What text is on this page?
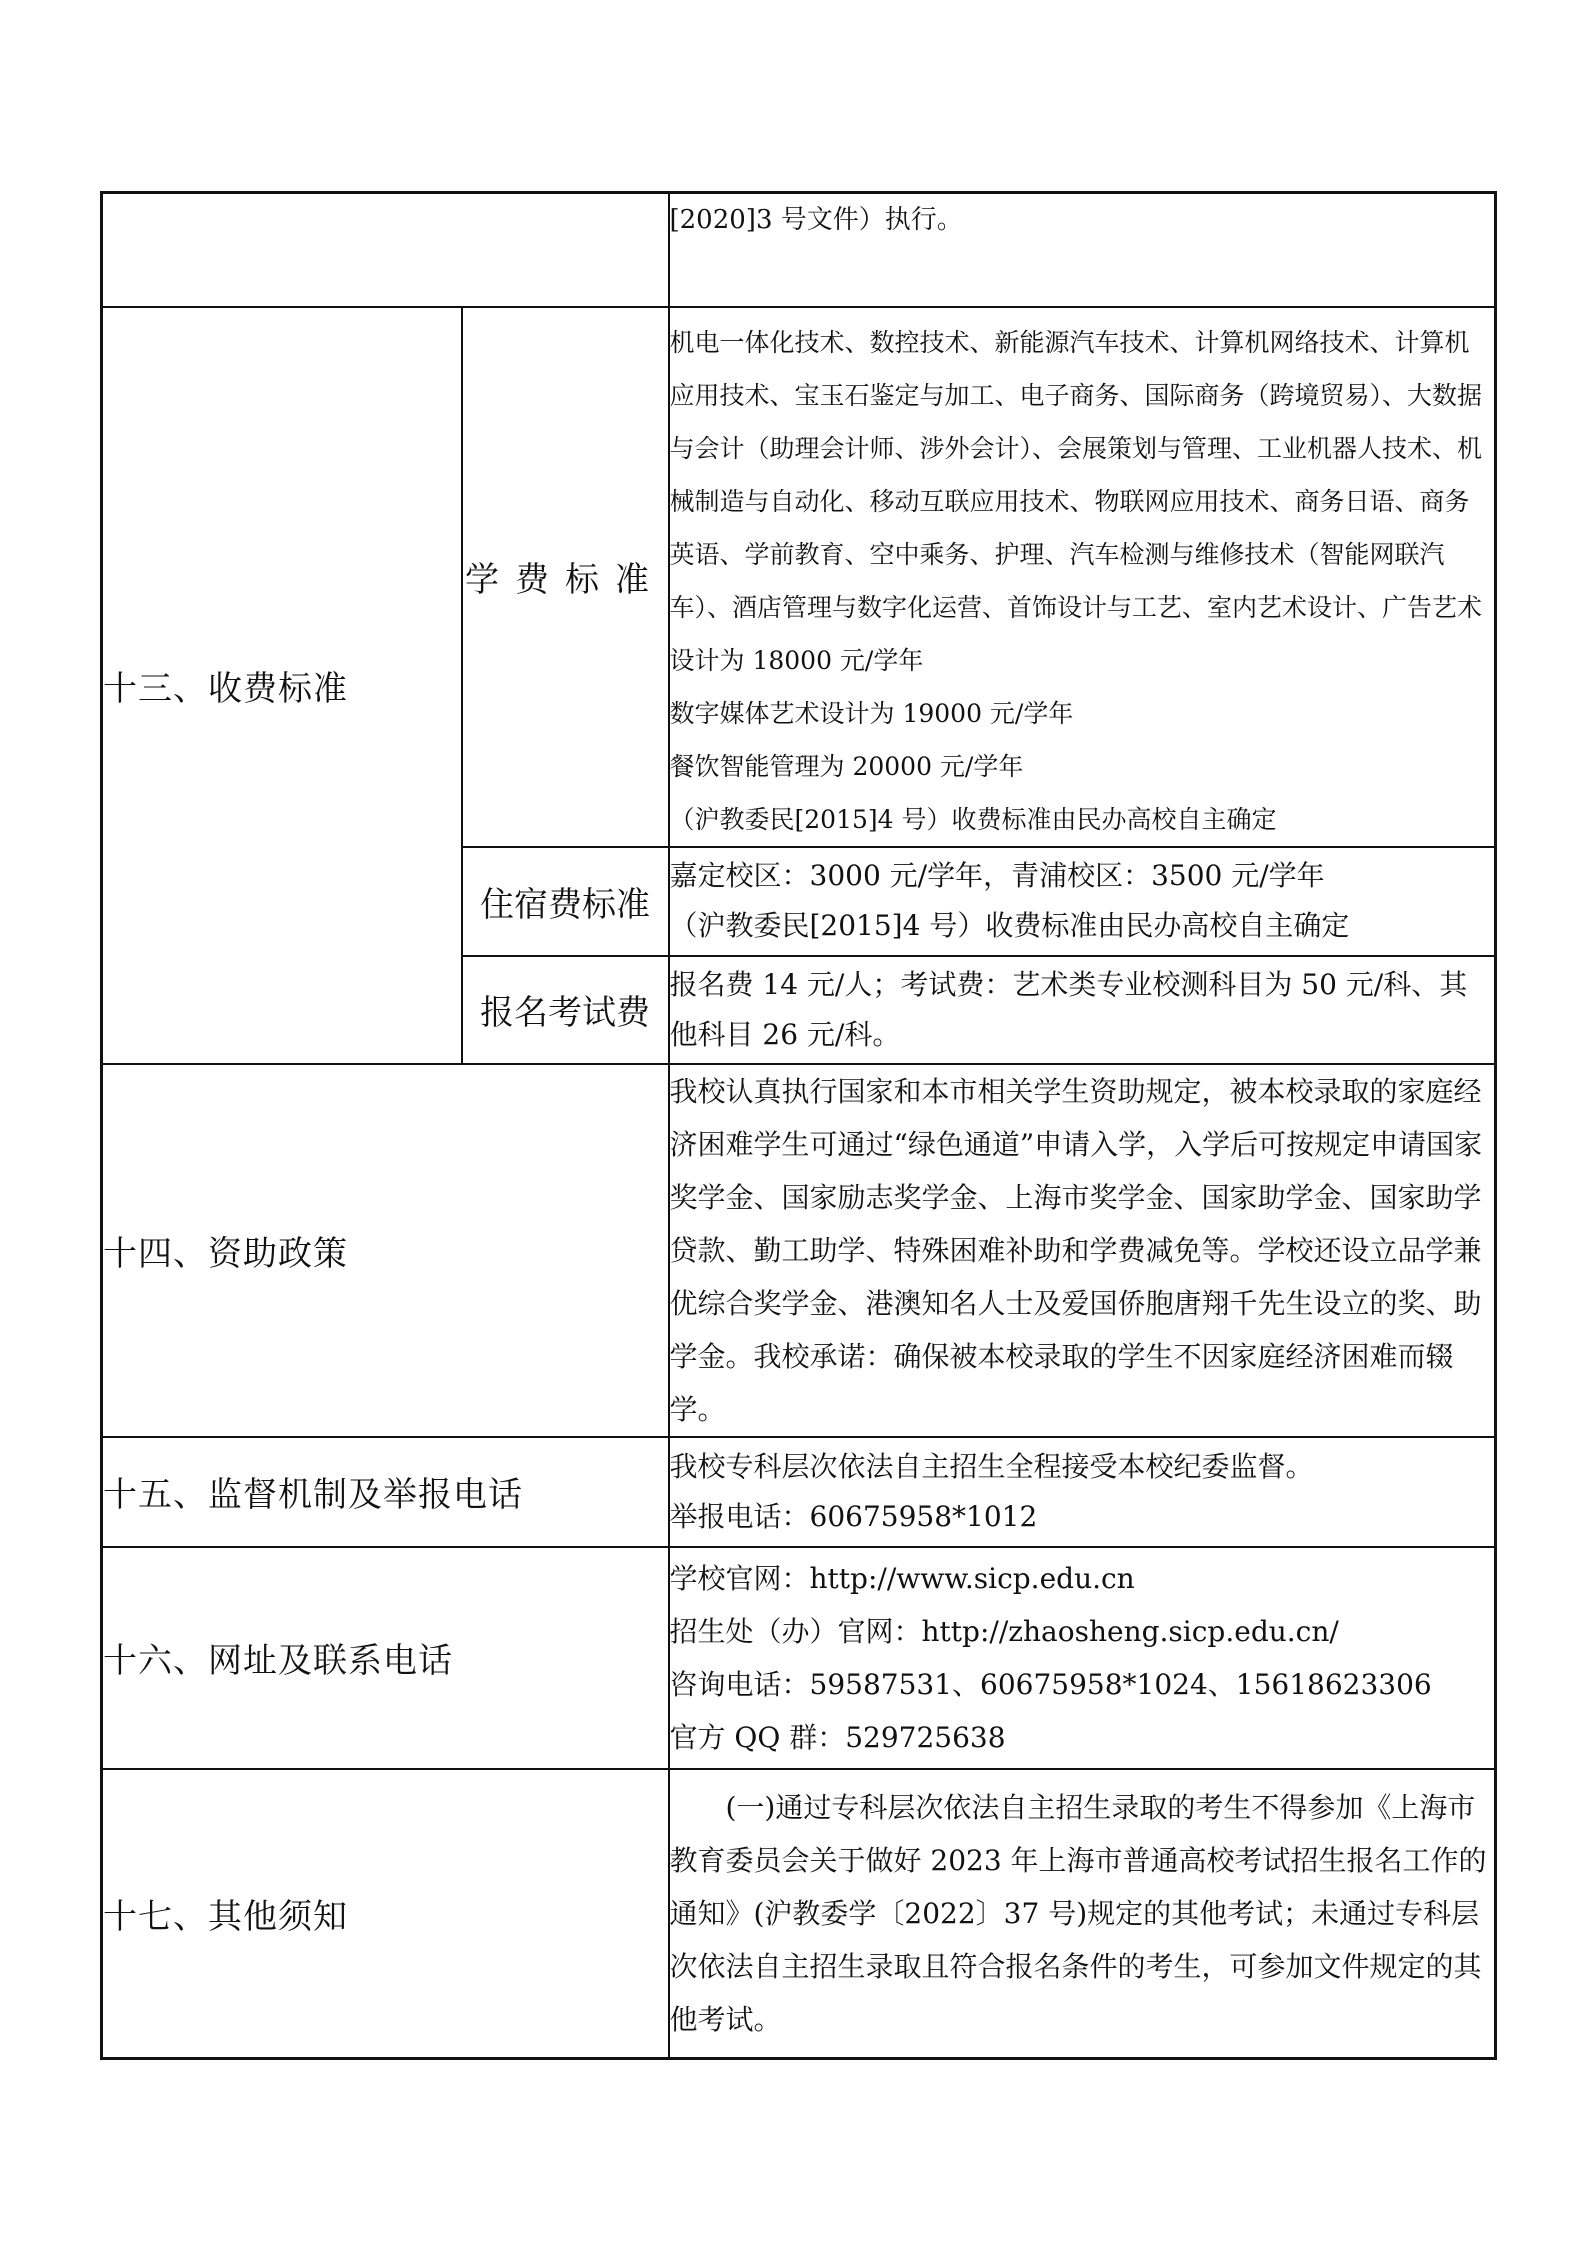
		[2020]3 号文件）执行。

十三、收费标准	学费标准	机电一体化技术、数控技术、新能源汽车技术、计算机网络技术、计算机应用技术、宝玉石鉴定与加工、电子商务、国际商务（跨境贸易）、大数据与会计（助理会计师、涉外会计）、会展策划与管理、工业机器人技术、机械制造与自动化、移动互联应用技术、物联网应用技术、商务日语、商务英语、学前教育、空中乘务、护理、汽车检测与维修技术（智能网联汽车）、酒店管理与数字化运营、首饰设计与工艺、室内艺术设计、广告艺术设计为 18000 元/学年

数字媒体艺术设计为 19000 元/学年

餐饮智能管理为 20000 元/学年

（沪教委民[2015]4 号）收费标准由民办高校自主确定

	住宿费标准	嘉定校区：3000 元/学年，青浦校区：3500 元/学年

（沪教委民[2015]4 号）收费标准由民办高校自主确定

	报名考试费	报名费 14 元/人；考试费：艺术类专业校测科目为 50 元/科、其他科目 26 元/科。

十四、资助政策		我校认真执行国家和本市相关学生资助规定，被本校录取的家庭经济困难学生可通过“绿色通道”申请入学，入学后可按规定申请国家奖学金、国家励志奖学金、上海市奖学金、国家助学金、国家助学贷款、勤工助学、特殊困难补助和学费减免等。学校还设立品学兼优综合奖学金、港澳知名人士及爱国侨胞唐翔千先生设立的奖、助学金。我校承诺：确保被本校录取的学生不因家庭经济困难而辍学。

十五、监督机制及举报电话		我校专科层次依法自主招生全程接受本校纪委监督。

举报电话：60675958*1012

十六、网址及联系电话		学校官网：http://www.sicp.edu.cn

招生处（办）官网：http://zhaosheng.sicp.edu.cn/

咨询电话：59587531、60675958*1024、15618623306

官方 QQ 群：529725638

十七、其他须知		(一)通过专科层次依法自主招生录取的考生不得参加《上海市教育委员会关于做好 2023 年上海市普通高校考试招生报名工作的通知》(沪教委学〔2022〕37 号)规定的其他考试；未通过专科层次依法自主招生录取且符合报名条件的考生，可参加文件规定的其他考试。
